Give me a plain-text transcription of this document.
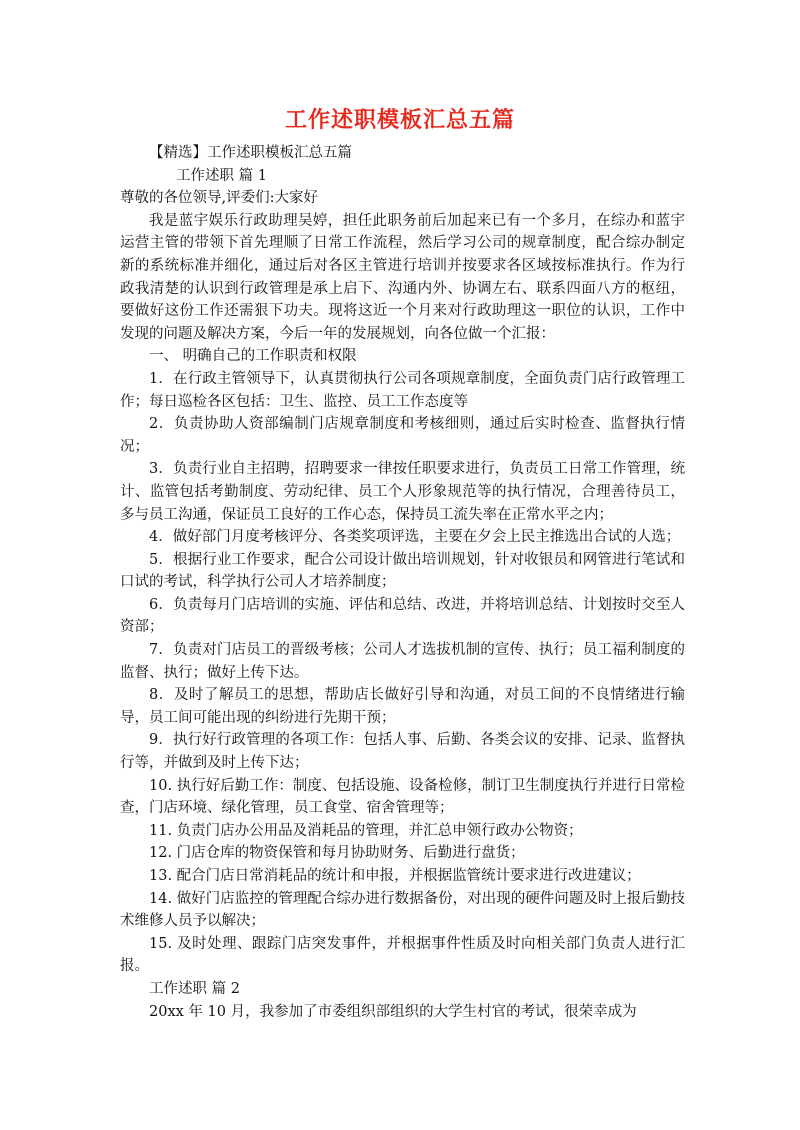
工作述职模板汇总五篇

【精选】工作述职模板汇总五篇

工作述职 篇 1

尊敬的各位领导,评委们:大家好

我是蓝宇娱乐行政助理吴婷，担任此职务前后加起来已有一个多月，在综办和蓝宇运营主管的带领下首先理顺了日常工作流程，然后学习公司的规章制度，配合综办制定新的系统标准并细化，通过后对各区主管进行培训并按要求各区域按标准执行。作为行政我清楚的认识到行政管理是承上启下、沟通内外、协调左右、联系四面八方的枢纽，要做好这份工作还需狠下功夫。现将这近一个月来对行政助理这一职位的认识，工作中发现的问题及解决方案，今后一年的发展规划，向各位做一个汇报：

一、 明确自己的工作职责和权限

1．在行政主管领导下，认真贯彻执行公司各项规章制度，全面负责门店行政管理工作；每日巡检各区包括：卫生、监控、员工工作态度等

2．负责协助人资部编制门店规章制度和考核细则，通过后实时检查、监督执行情况；

3．负责行业自主招聘，招聘要求一律按任职要求进行，负责员工日常工作管理，统计、监管包括考勤制度、劳动纪律、员工个人形象规范等的执行情况，合理善待员工，多与员工沟通，保证员工良好的工作心态，保持员工流失率在正常水平之内；

4．做好部门月度考核评分、各类奖项评选，主要在夕会上民主推选出合试的人选；

5．根据行业工作要求，配合公司设计做出培训规划，针对收银员和网管进行笔试和口试的考试，科学执行公司人才培养制度；

6．负责每月门店培训的实施、评估和总结、改进，并将培训总结、计划按时交至人资部；

7．负责对门店员工的晋级考核；公司人才选拔机制的宣传、执行；员工福利制度的监督、执行；做好上传下达。

8．及时了解员工的思想，帮助店长做好引导和沟通，对员工间的不良情绪进行输导，员工间可能出现的纠纷进行先期干预；

9．执行好行政管理的各项工作：包括人事、后勤、各类会议的安排、记录、监督执行等，并做到及时上传下达；

10. 执行好后勤工作：制度、包括设施、设备检修，制订卫生制度执行并进行日常检查，门店环境、绿化管理，员工食堂、宿舍管理等；

11. 负责门店办公用品及消耗品的管理，并汇总申领行政办公物资；

12. 门店仓库的物资保管和每月协助财务、后勤进行盘货；

13. 配合门店日常消耗品的统计和申报，并根据监管统计要求进行改进建议；

14. 做好门店监控的管理配合综办进行数据备份，对出现的硬件问题及时上报后勤技术维修人员予以解决；

15. 及时处理、跟踪门店突发事件，并根据事件性质及时向相关部门负责人进行汇报。

工作述职 篇 2

20xx 年 10 月，我参加了市委组织部组织的大学生村官的考试，很荣幸成为
